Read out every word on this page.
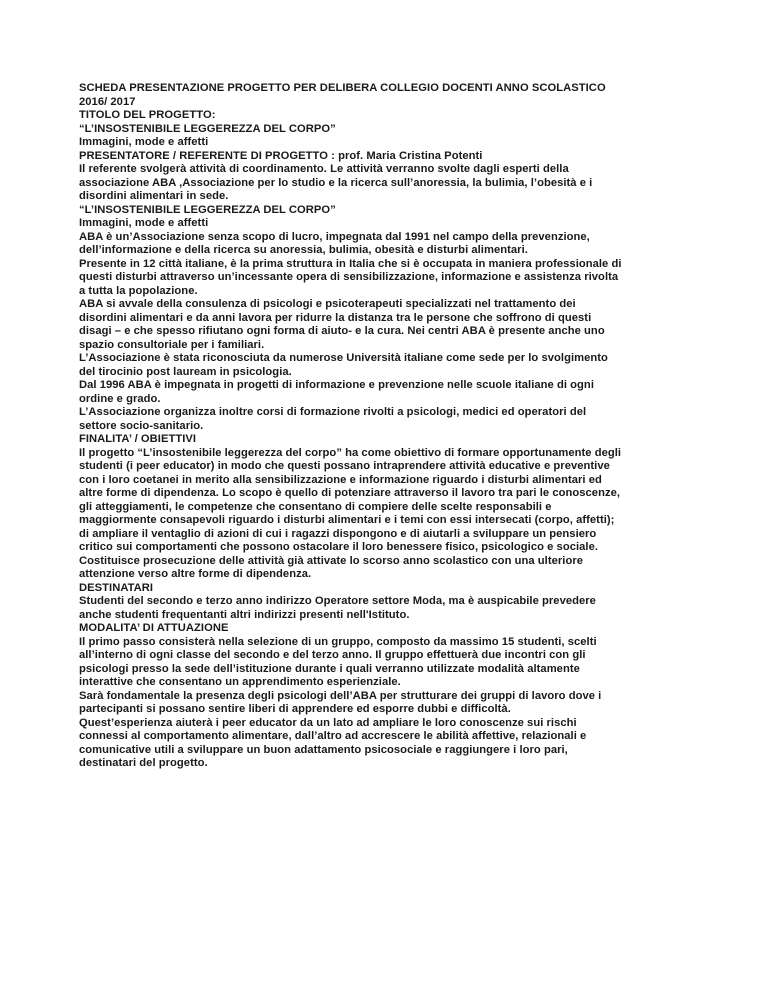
SCHEDA PRESENTAZIONE PROGETTO PER DELIBERA COLLEGIO DOCENTI ANNO SCOLASTICO
2016/ 2017

TITOLO DEL PROGETTO:

“L’INSOSTENIBILE LEGGEREZZA DEL CORPO”
Immagini, mode e affetti

PRESENTATORE / REFERENTE DI PROGETTO : prof. Maria Cristina Potenti
Il referente svolgerà attività di coordinamento. Le attività verranno svolte dagli esperti della
associazione ABA ,Associazione per lo studio e la ricerca sull’anoressia, la bulimia, l’obesità e i
disordini alimentari in sede.

“L’INSOSTENIBILE LEGGEREZZA DEL CORPO”
Immagini, mode e affetti

ABA è un’Associazione senza scopo di lucro, impegnata dal 1991 nel campo della prevenzione,
dell’informazione e della ricerca su anoressia, bulimia, obesità e disturbi alimentari.
Presente in 12 città italiane, è la prima struttura in Italia che si è occupata in maniera professionale di
questi disturbi attraverso un’incessante opera di sensibilizzazione, informazione e assistenza rivolta
a tutta la popolazione.
ABA si avvale della consulenza di psicologi e psicoterapeuti specializzati nel trattamento dei
disordini alimentari e da anni lavora per ridurre la distanza tra le persone che soffrono di questi
disagi – e che spesso rifiutano ogni forma di aiuto- e la cura. Nei centri ABA è presente anche uno
spazio consultoriale per i familiari.
L’Associazione è stata riconosciuta da numerose Università italiane come sede per lo svolgimento
del tirocinio post lauream in psicologia.
Dal 1996 ABA è impegnata in progetti di informazione e prevenzione nelle scuole italiane di ogni
ordine e grado.
L’Associazione organizza inoltre corsi di formazione rivolti a psicologi, medici ed operatori del
settore socio-sanitario.

FINALITA’ / OBIETTIVI

Il progetto “L’insostenibile leggerezza del corpo” ha come obiettivo di formare opportunamente degli
studenti (i peer educator) in modo che questi possano intraprendere attività educative e preventive
con i loro coetanei in merito alla sensibilizzazione e informazione riguardo i disturbi alimentari ed
altre forme di dipendenza. Lo scopo è quello di potenziare attraverso il lavoro tra pari le conoscenze,
gli atteggiamenti, le competenze che consentano di compiere delle scelte responsabili e
maggiormente consapevoli riguardo i disturbi alimentari e i temi con essi intersecati (corpo, affetti);
di ampliare il ventaglio di azioni di cui i ragazzi dispongono e di aiutarli a sviluppare un pensiero
critico sui comportamenti che possono ostacolare il loro benessere fisico, psicologico e sociale.
Costituisce prosecuzione delle attività già attivate lo scorso anno scolastico con una ulteriore
attenzione verso altre forme di dipendenza.

DESTINATARI
Studenti del secondo e terzo anno indirizzo Operatore settore Moda, ma è auspicabile prevedere
anche studenti frequentanti altri indirizzi presenti nell'Istituto.

MODALITA’ DI ATTUAZIONE

Il primo passo consisterà nella selezione di un gruppo, composto da massimo 15 studenti, scelti
all’interno di ogni classe del secondo e del terzo anno. Il gruppo effettuerà due incontri con gli
psicologi presso la sede dell’istituzione durante i quali verranno utilizzate modalità altamente
interattive che consentano un apprendimento esperienziale.
Sarà fondamentale la presenza degli psicologi dell’ABA per strutturare dei gruppi di lavoro dove i
partecipanti si possano sentire liberi di apprendere ed esporre dubbi e difficoltà.
Quest’esperienza aiuterà i peer educator da un lato ad ampliare le loro conoscenze sui rischi
connessi al comportamento alimentare, dall’altro ad accrescere le abilità affettive, relazionali e
comunicative utili a sviluppare un buon adattamento psicosociale e raggiungere i loro pari,
destinatari del progetto.
